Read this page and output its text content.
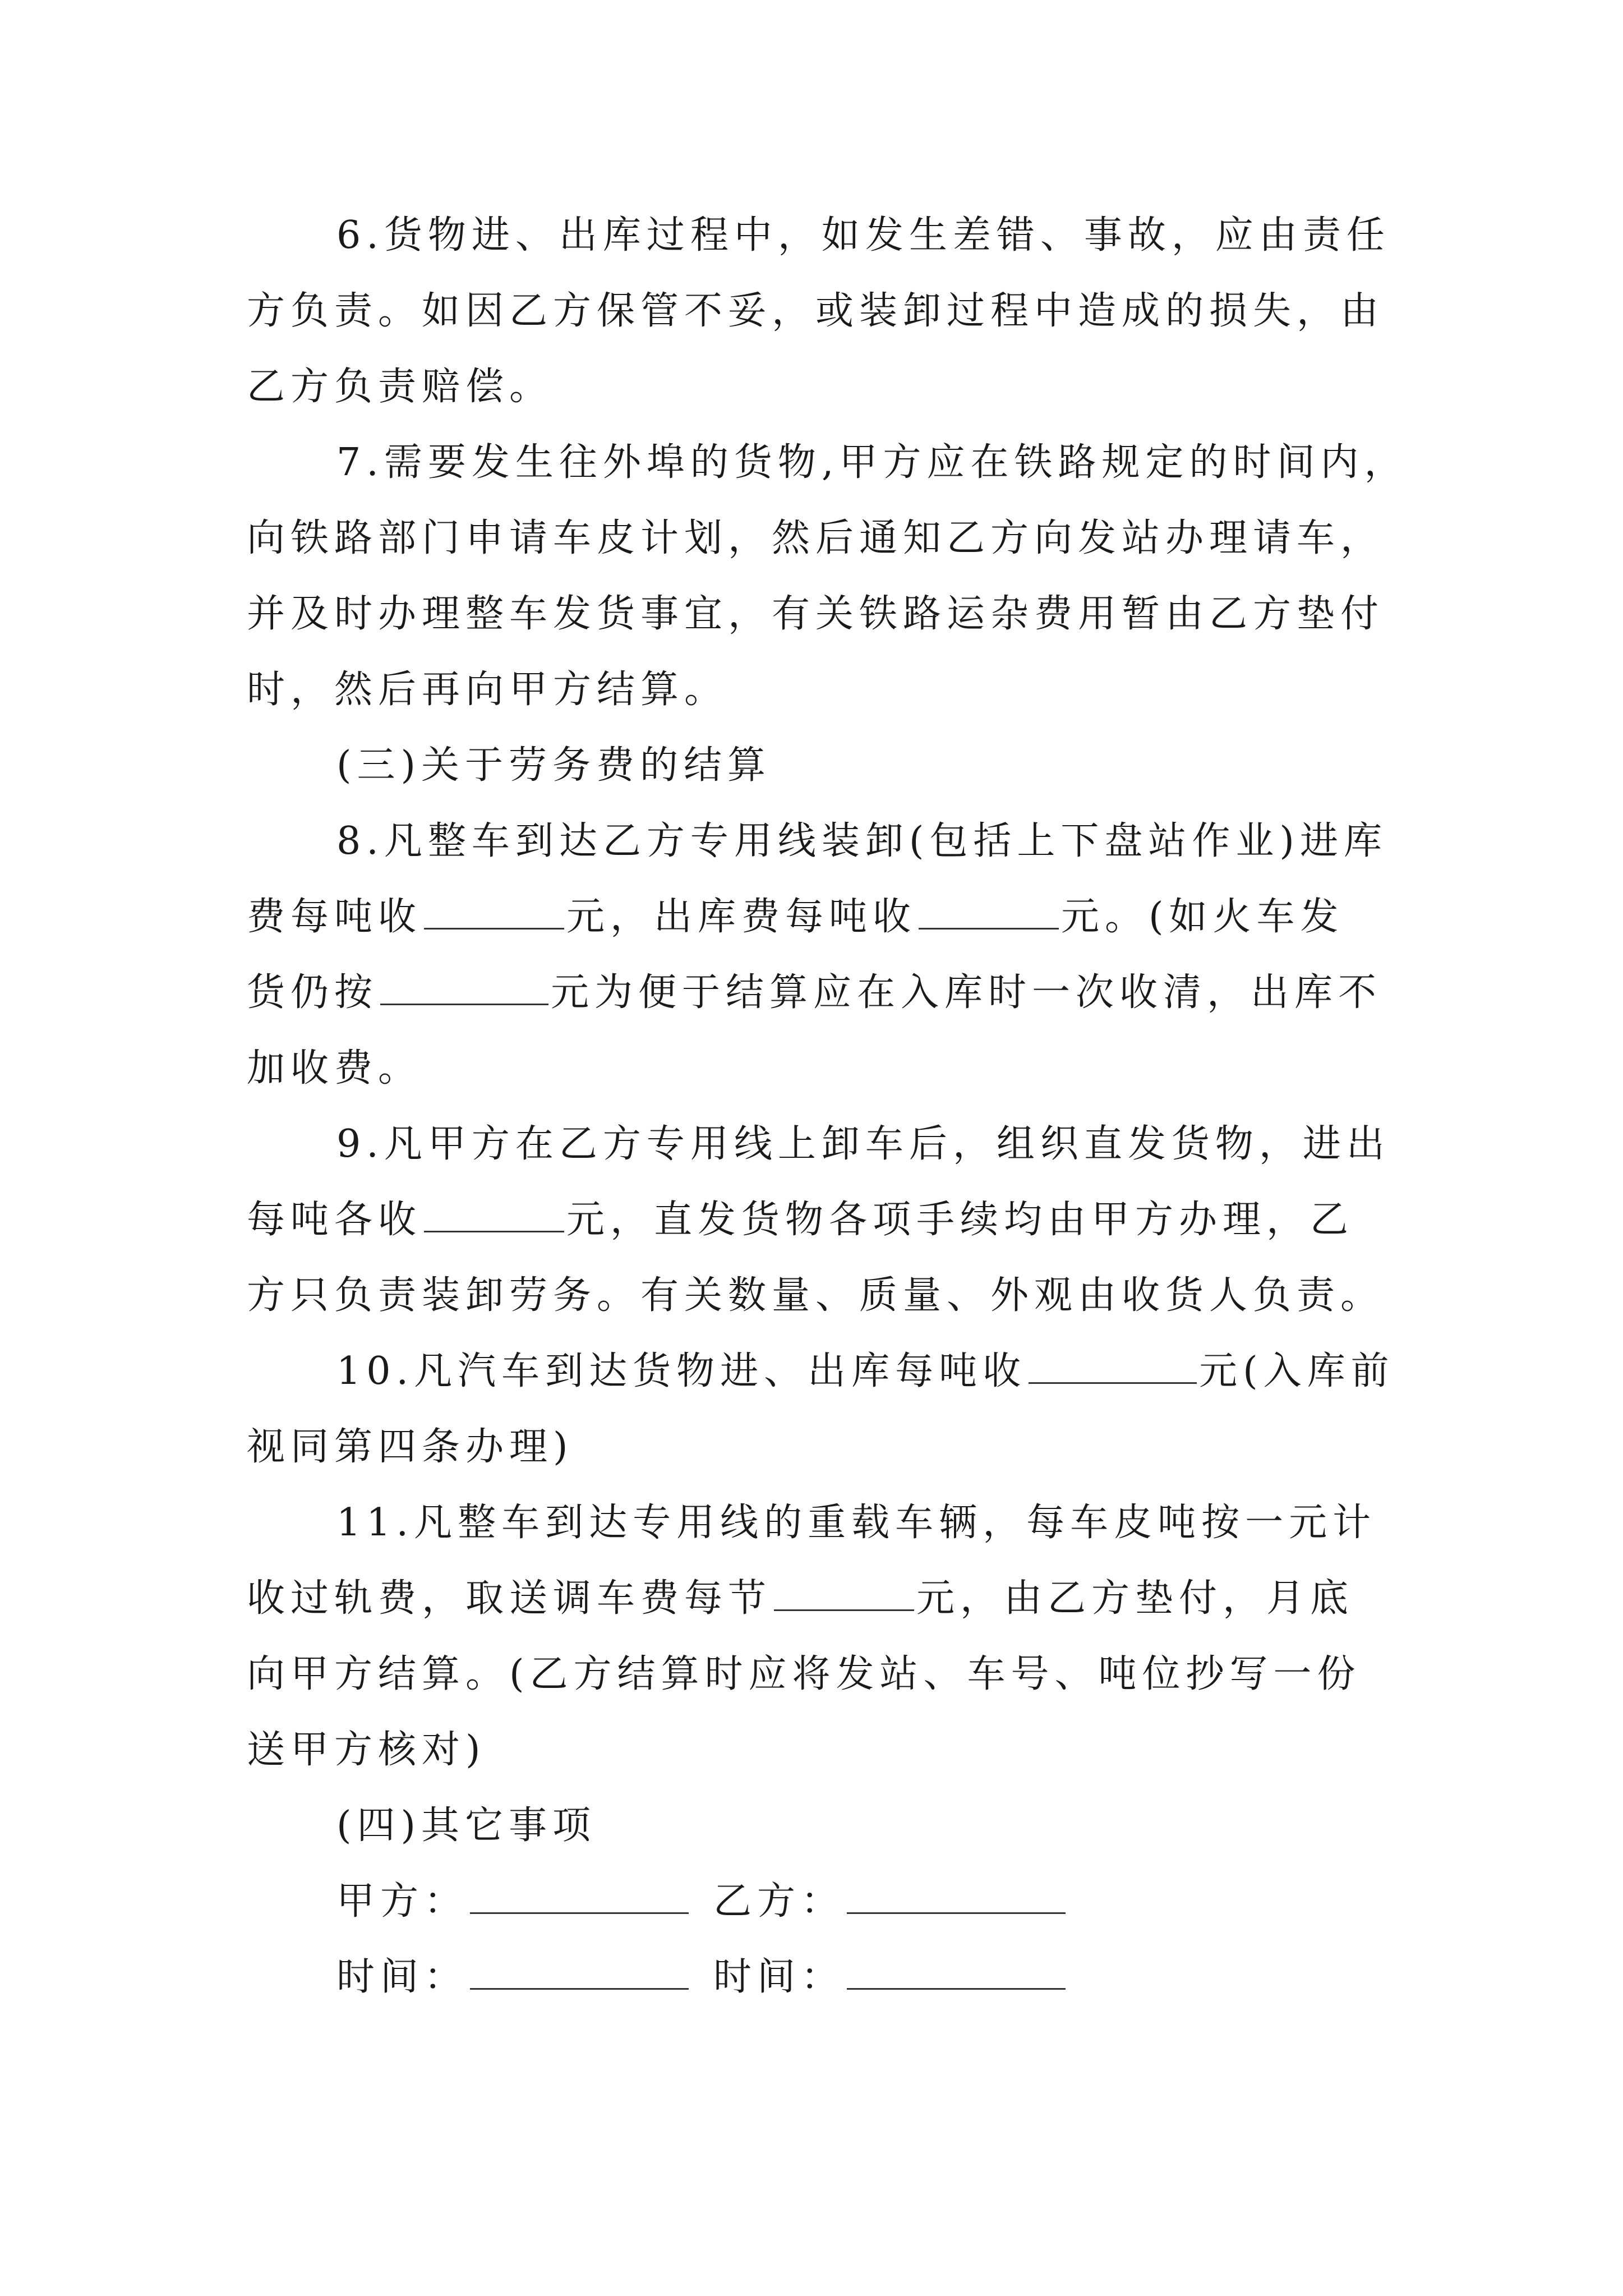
6.货物进、出库过程中，如发生差错、事故，应由责任
方负责。如因乙方保管不妥，或装卸过程中造成的损失，由
乙方负责赔偿。
7.需要发生往外埠的货物,甲方应在铁路规定的时间内，
向铁路部门申请车皮计划，然后通知乙方向发站办理请车，
并及时办理整车发货事宜，有关铁路运杂费用暂由乙方垫付
时，然后再向甲方结算。
(三)关于劳务费的结算
8.凡整车到达乙方专用线装卸(包括上下盘站作业)进库
费每吨收	元，出库费每吨收	元。(如火车发
货仍按	元为便于结算应在入库时一次收清，出库不
加收费。
9.凡甲方在乙方专用线上卸车后，组织直发货物，进出
每吨各收	元，直发货物各项手续均由甲方办理，乙
方只负责装卸劳务。有关数量、质量、外观由收货人负责。
10.凡汽车到达货物进、出库每吨收	元(入库前
视同第四条办理)
11.凡整车到达专用线的重载车辆，每车皮吨按一元计
收过轨费，取送调车费每节	元，由乙方垫付，月底
向甲方结算。(乙方结算时应将发站、车号、吨位抄写一份
送甲方核对)
(四)其它事项
甲方：	乙方：
时间：	时间：
